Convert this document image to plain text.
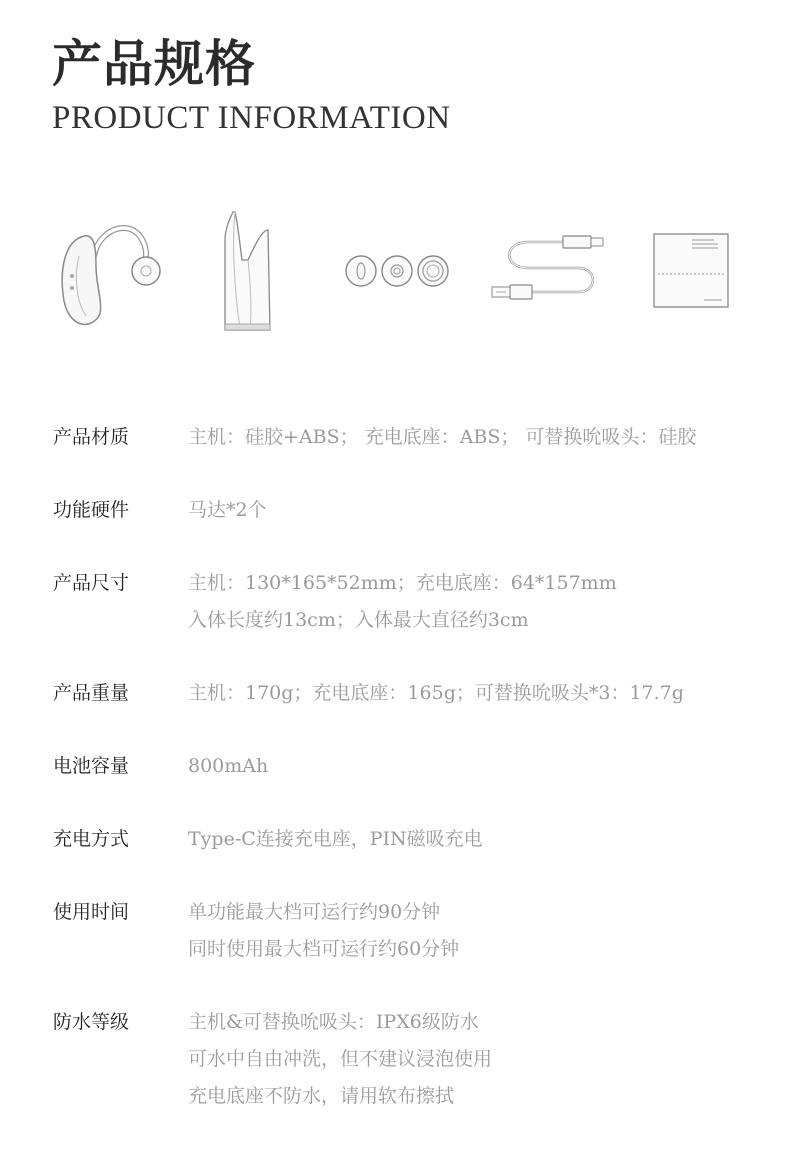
产品规格
PRODUCT INFORMATION
产品材质	主机：硅胶+ABS； 充电底座：ABS； 可替换吮吸头：硅胶
功能硬件	马达*2个
产品尺寸	主机：130*165*52mm；充电底座：64*157mm
入体长度约13cm；入体最大直径约3cm
产品重量	主机：170g；充电底座：165g；可替换吮吸头*3：17.7g
电池容量	800mAh
充电方式	Type-C连接充电座，PIN磁吸充电
使用时间	单功能最大档可运行约90分钟
同时使用最大档可运行约60分钟
防水等级	主机&可替换吮吸头：IPX6级防水
可水中自由冲洗，但不建议浸泡使用
充电底座不防水，请用软布擦拭
